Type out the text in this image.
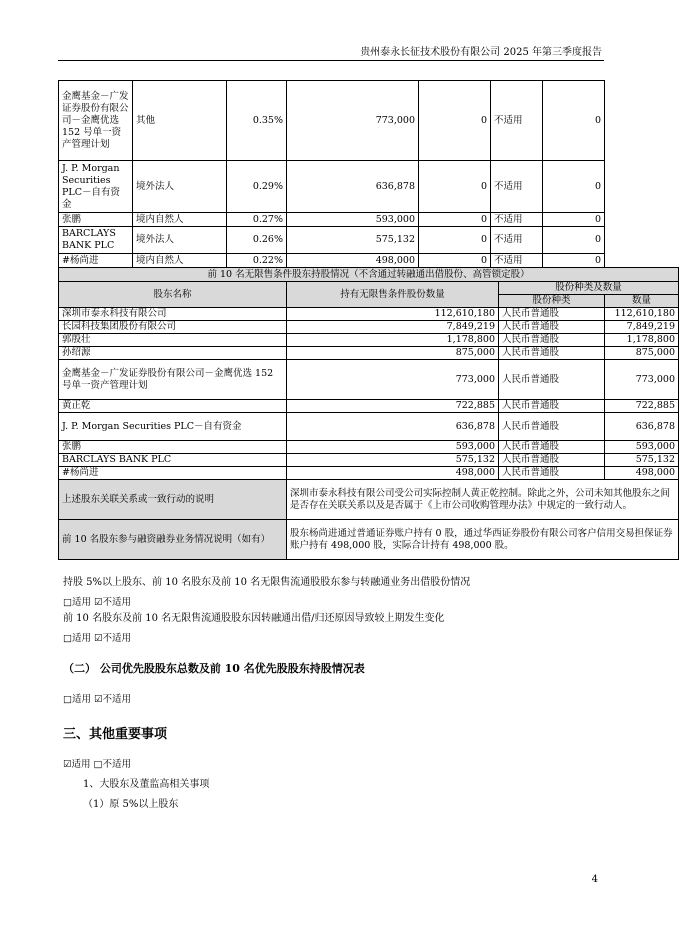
贵州泰永长征技术股份有限公司 2025 年第三季度报告
金鹰基金－广发证券股份有限公司－金鹰优选 152 号单一资产管理计划	其他	0.35%	773,000	0	不适用	0
J. P. Morgan Securities PLC－自有资金	境外法人	0.29%	636,878	0	不适用	0
张鹏	境内自然人	0.27%	593,000	0	不适用	0
BARCLAYS BANK PLC	境外法人	0.26%	575,132	0	不适用	0
#杨尚进	境内自然人	0.22%	498,000	0	不适用	0
前 10 名无限售条件股东持股情况（不含通过转融通出借股份、高管锁定股）			
股东名称	持有无限售条件股份数量	股份种类及数量	
		股份种类	数量
深圳市泰永科技有限公司	112,610,180	人民币普通股	112,610,180
长园科技集团股份有限公司	7,849,219	人民币普通股	7,849,219
郭殷壮	1,178,800	人民币普通股	1,178,800
孙绍源	875,000	人民币普通股	875,000
金鹰基金－广发证券股份有限公司－金鹰优选 152 号单一资产管理计划	773,000	人民币普通股	773,000
黄正乾	722,885	人民币普通股	722,885
J. P. Morgan Securities PLC－自有资金	636,878	人民币普通股	636,878
张鹏	593,000	人民币普通股	593,000
BARCLAYS BANK PLC	575,132	人民币普通股	575,132
#杨尚进	498,000	人民币普通股	498,000
上述股东关联关系或一致行动的说明	深圳市泰永科技有限公司受公司实际控制人黄正乾控制。除此之外，公司未知其他股东之间是否存在关联关系以及是否属于《上市公司收购管理办法》中规定的一致行动人。		
前 10 名股东参与融资融券业务情况说明（如有）	股东杨尚进通过普通证券账户持有 0 股，通过华西证券股份有限公司客户信用交易担保证券账户持有 498,000 股，实际合计持有 498,000 股。		
持股 5%以上股东、前 10 名股东及前 10 名无限售流通股股东参与转融通业务出借股份情况
□适用 ☑不适用
前 10 名股东及前 10 名无限售流通股股东因转融通出借/归还原因导致较上期发生变化
□适用 ☑不适用
（二） 公司优先股股东总数及前 10 名优先股股东持股情况表
□适用 ☑不适用
三、其他重要事项
☑适用 □不适用
1、大股东及董监高相关事项
（1）原 5%以上股东
4
